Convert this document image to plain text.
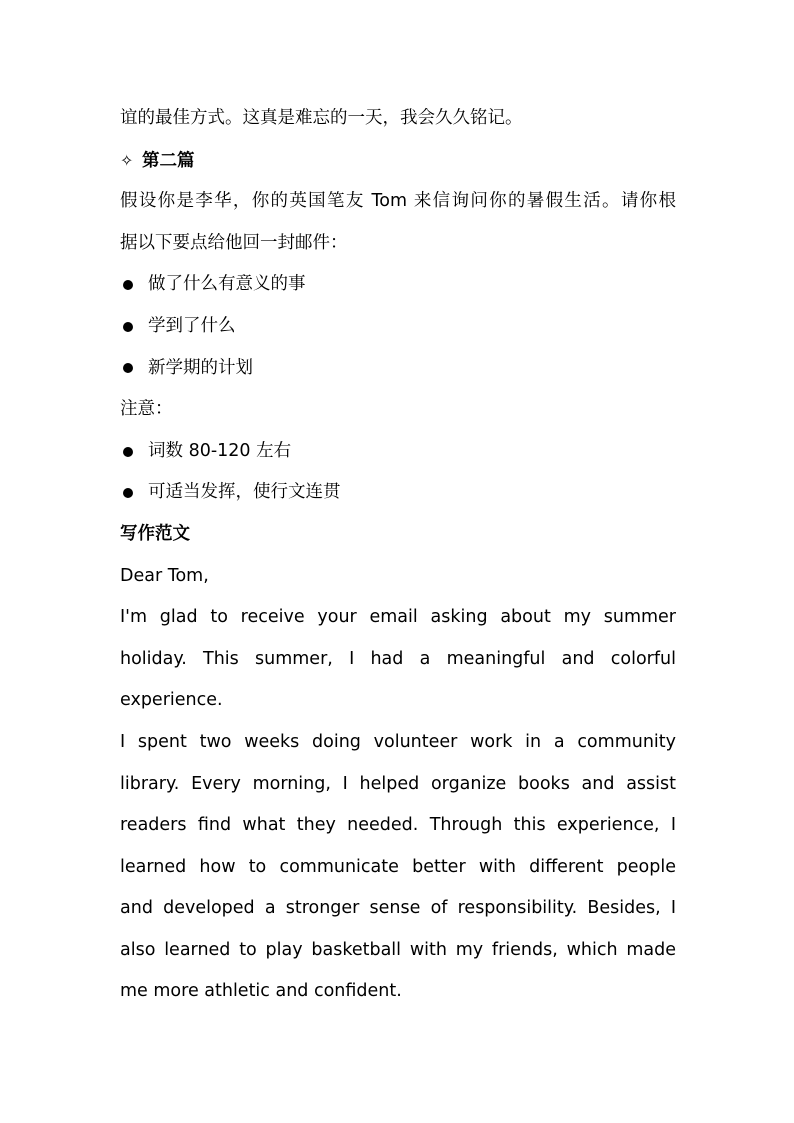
谊的最佳方式。这真是难忘的一天，我会久久铭记。
✧ 第二篇
假设你是李华，你的英国笔友 Tom 来信询问你的暑假生活。请你根
据以下要点给他回一封邮件：
做了什么有意义的事
学到了什么
新学期的计划
注意：
词数 80-120 左右
可适当发挥，使行文连贯
写作范文
Dear Tom,
I'm glad to receive your email asking about my summer
holiday. This summer, I had a meaningful and colorful
experience.
I spent two weeks doing volunteer work in a community
library. Every morning, I helped organize books and assist
readers find what they needed. Through this experience, I
learned how to communicate better with different people
and developed a stronger sense of responsibility. Besides, I
also learned to play basketball with my friends, which made
me more athletic and confident.
